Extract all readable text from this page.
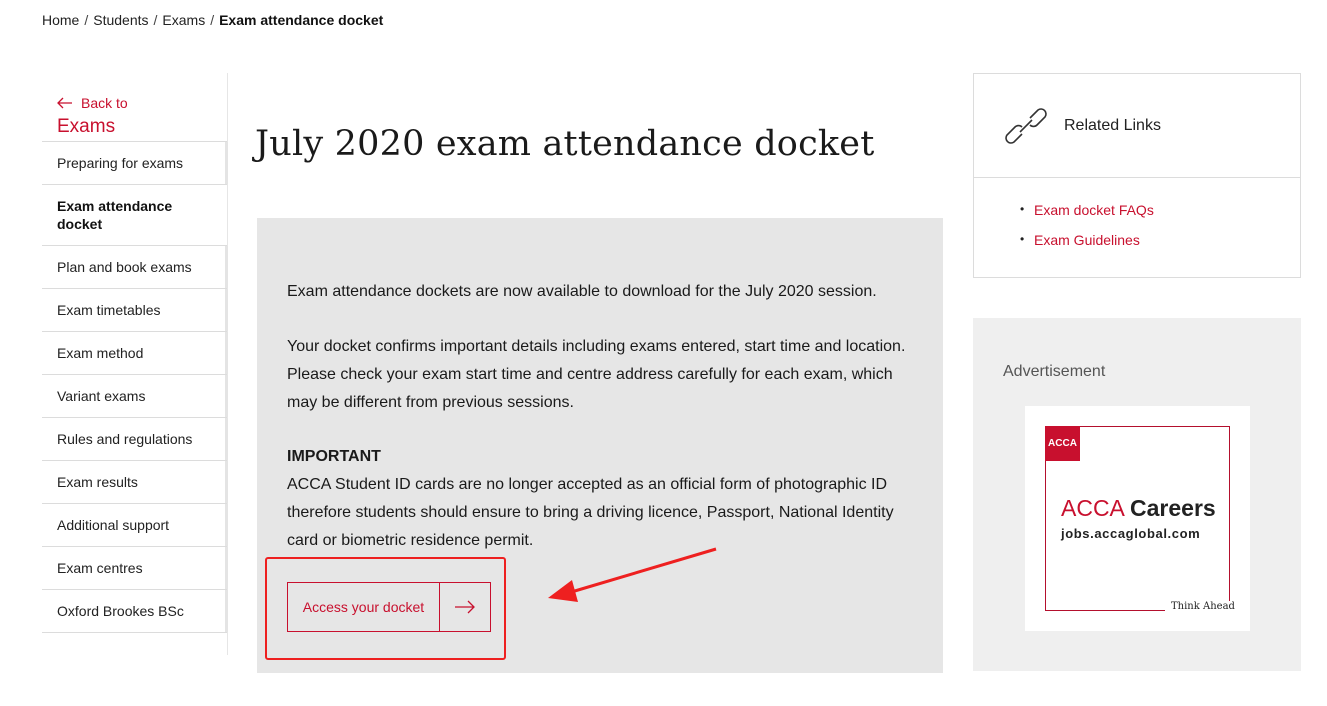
Home / Students / Exams / Exam attendance docket
Back to
Exams
Preparing for exams
Exam attendance docket
Plan and book exams
Exam timetables
Exam method
Variant exams
Rules and regulations
Exam results
Additional support
Exam centres
Oxford Brookes BSc
July 2020 exam attendance docket

Exam attendance dockets are now available to download for the July 2020 session.

Your docket confirms important details including exams entered, start time and location. Please check your exam start time and centre address carefully for each exam, which may be different from previous sessions.

IMPORTANT

ACCA Student ID cards are no longer accepted as an official form of photographic ID therefore students should ensure to bring a driving licence, Passport, National Identity card or biometric residence permit.

Access your docket
Related Links
• Exam docket FAQs
• Exam Guidelines
Advertisement
ACCA
ACCA Careers
jobs.accaglobal.com
Think Ahead
